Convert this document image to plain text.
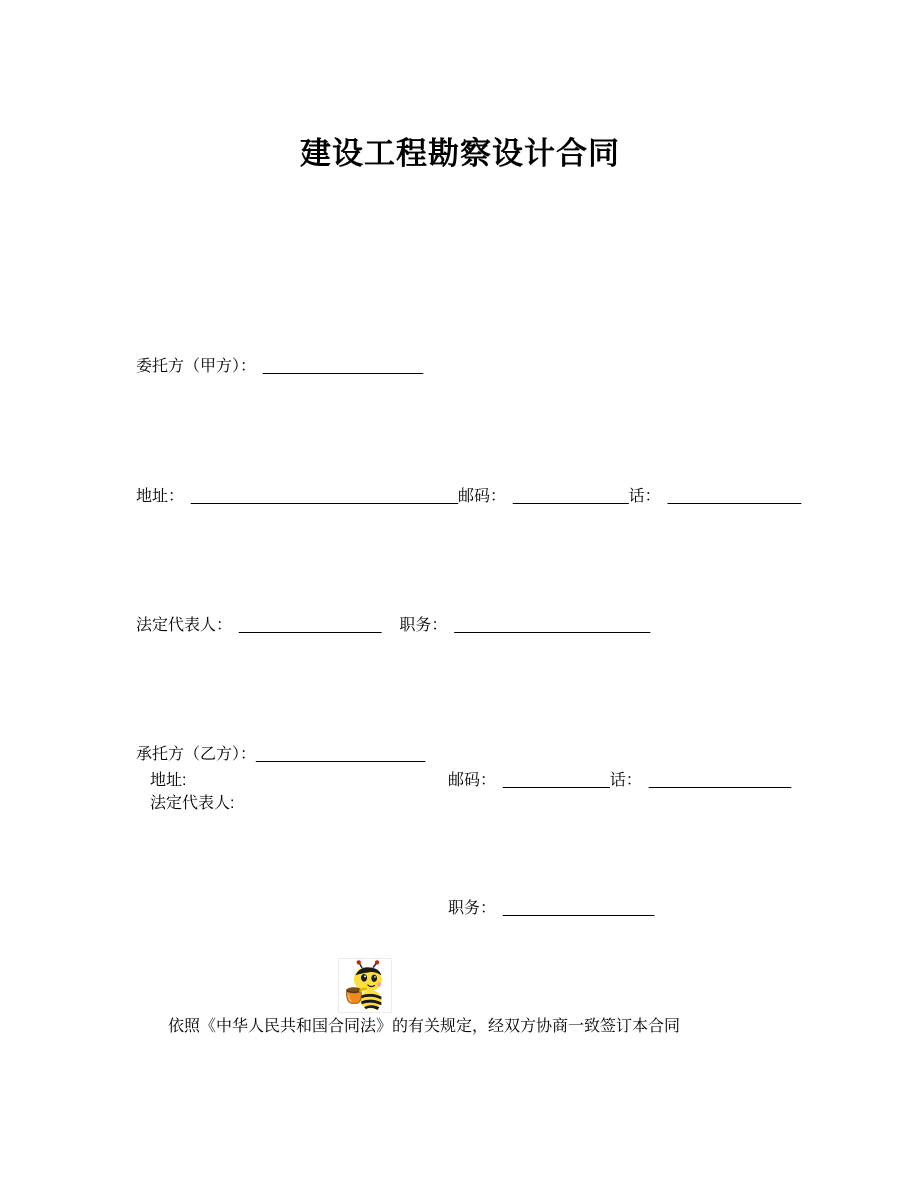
建设工程勘察设计合同
委托方（甲方）： __________________
地址： ______________________________邮码： _____________话： _______________
法定代表人： ________________ 职务： ______________________
承托方（乙方）：___________________
地址:	邮码： ____________话： ________________
法定代表人:
职务： _________________
依照《中华人民共和国合同法》的有关规定，经双方协商一致签订本合同
